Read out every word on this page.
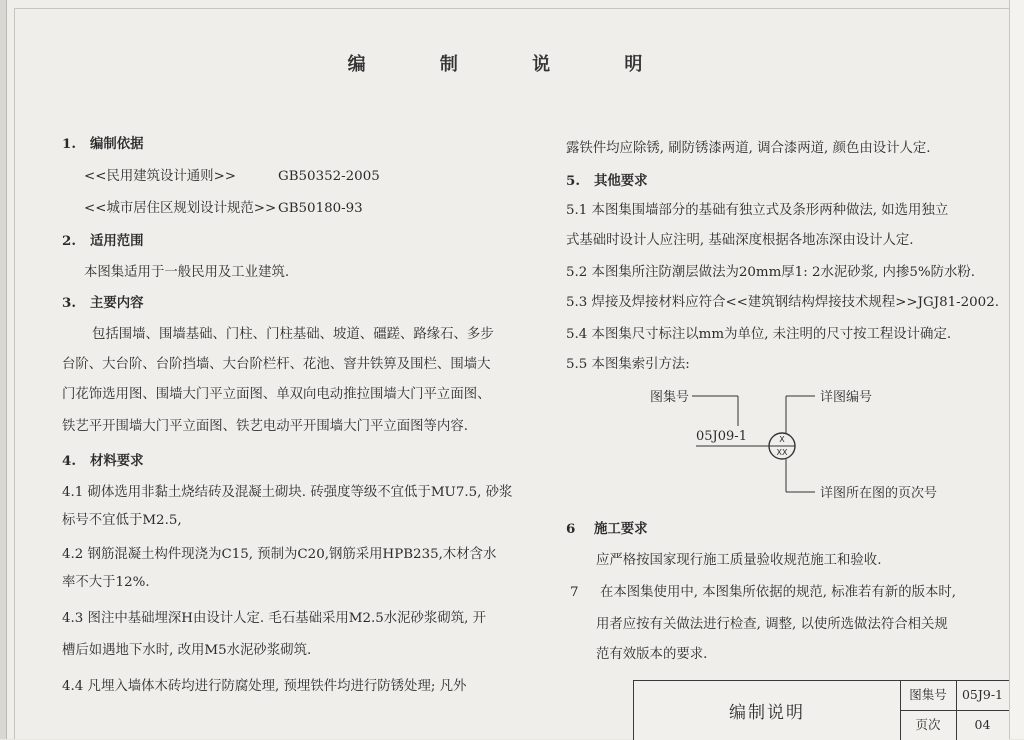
编 制 说 明
1. 编制依据
<<民用建筑设计通则>>	GB50352-2005
<<城市居住区规划设计规范>> GB50180-93
2. 适用范围
本图集适用于一般民用及工业建筑.
3. 主要内容
包括围墙、围墙基础、门柱、门柱基础、坡道、礓蹉、路缘石、多步
台阶、大台阶、台阶挡墙、大台阶栏杆、花池、窨井铁箅及围栏、围墙大
门花饰选用图、围墙大门平立面图、单双向电动推拉围墙大门平立面图、
铁艺平开围墙大门平立面图、铁艺电动平开围墙大门平立面图等内容.
4. 材料要求
4.1 砌体选用非黏土烧结砖及混凝土砌块. 砖强度等级不宜低于MU7.5, 砂浆
标号不宜低于M2.5,
4.2 钢筋混凝土构件现浇为C15, 预制为C20,钢筋采用HPB235,木材含水
率不大于12%.
4.3 图注中基础埋深H由设计人定. 毛石基础采用M2.5水泥砂浆砌筑, 开
槽后如遇地下水时, 改用M5水泥砂浆砌筑.
4.4 凡埋入墙体木砖均进行防腐处理, 预埋铁件均进行防锈处理; 凡外
露铁件均应除锈, 刷防锈漆两道, 调合漆两道, 颜色由设计人定.
5. 其他要求
5.1 本图集围墙部分的基础有独立式及条形两种做法, 如选用独立
式基础时设计人应注明, 基础深度根据各地冻深由设计人定.
5.2 本图集所注防潮层做法为20mm厚1: 2水泥砂浆, 内掺5%防水粉.
5.3 焊接及焊接材料应符合<<建筑钢结构焊接技术规程>>JGJ81-2002.
5.4 本图集尺寸标注以mm为单位, 未注明的尺寸按工程设计确定.
5.5 本图集索引方法:
图集号
05J09-1	X
XX
详图编号
详图所在图的页次号
6 施工要求
应严格按国家现行施工质量验收规范施工和验收.
7 在本图集使用中, 本图集所依据的规范, 标准若有新的版本时,
用者应按有关做法进行检查, 调整, 以使所选做法符合相关规
范有效版本的要求.
编制说明
图集号	05J9-1
页次	04
